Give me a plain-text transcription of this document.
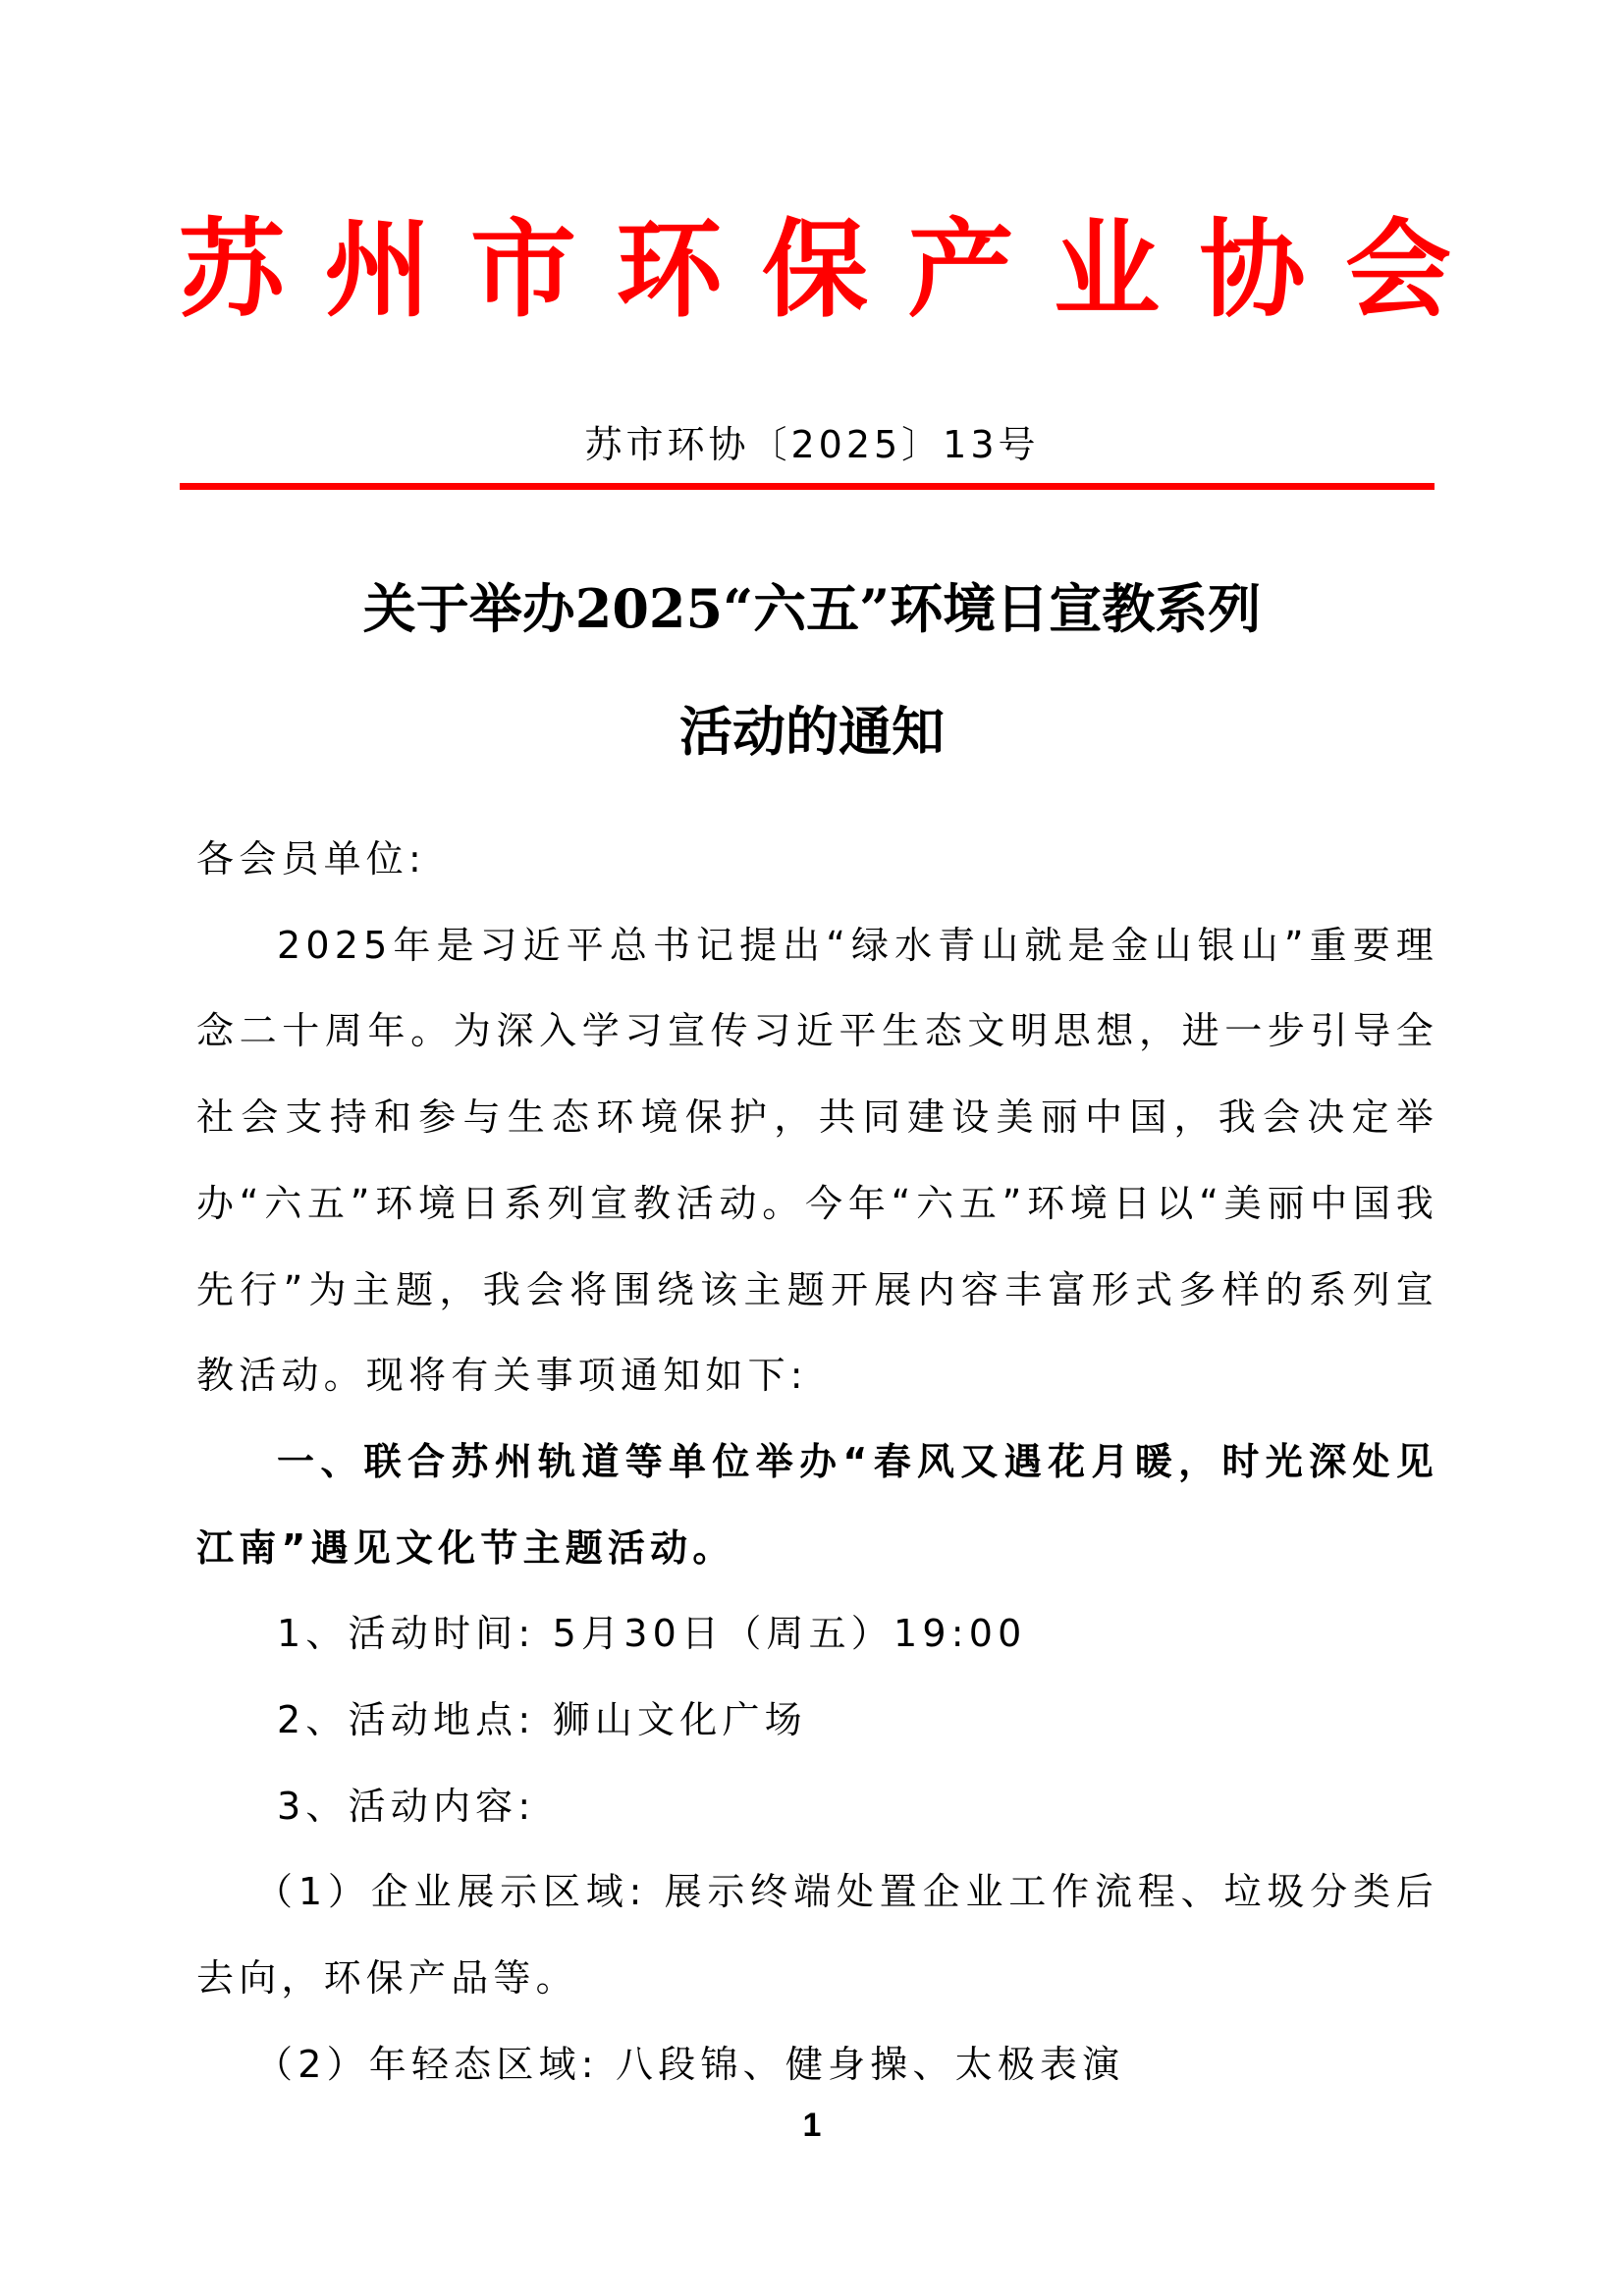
苏 州 市 环 保 产 业 协 会
苏市环协〔2025〕13号
关于举办2025“六五”环境日宣教系列
活动的通知

各会员单位:

2025年是习近平总书记提出“绿水青山就是金山银山”重要理念二十周年。为深入学习宣传习近平生态文明思想，进一步引导全社会支持和参与生态环境保护，共同建设美丽中国，我会决定举办“六五”环境日系列宣教活动。今年“六五”环境日以“美丽中国我先行”为主题，我会将围绕该主题开展内容丰富形式多样的系列宣教活动。现将有关事项通知如下:

一、联合苏州轨道等单位举办“春风又遇花月暖，时光深处见江南”遇见文化节主题活动。

1、活动时间: 5月30日（周五）19:00

2、活动地点: 狮山文化广场

3、活动内容:

（1）企业展示区域: 展示终端处置企业工作流程、垃圾分类后去向，环保产品等。

（2）年轻态区域: 八段锦、健身操、太极表演

1
